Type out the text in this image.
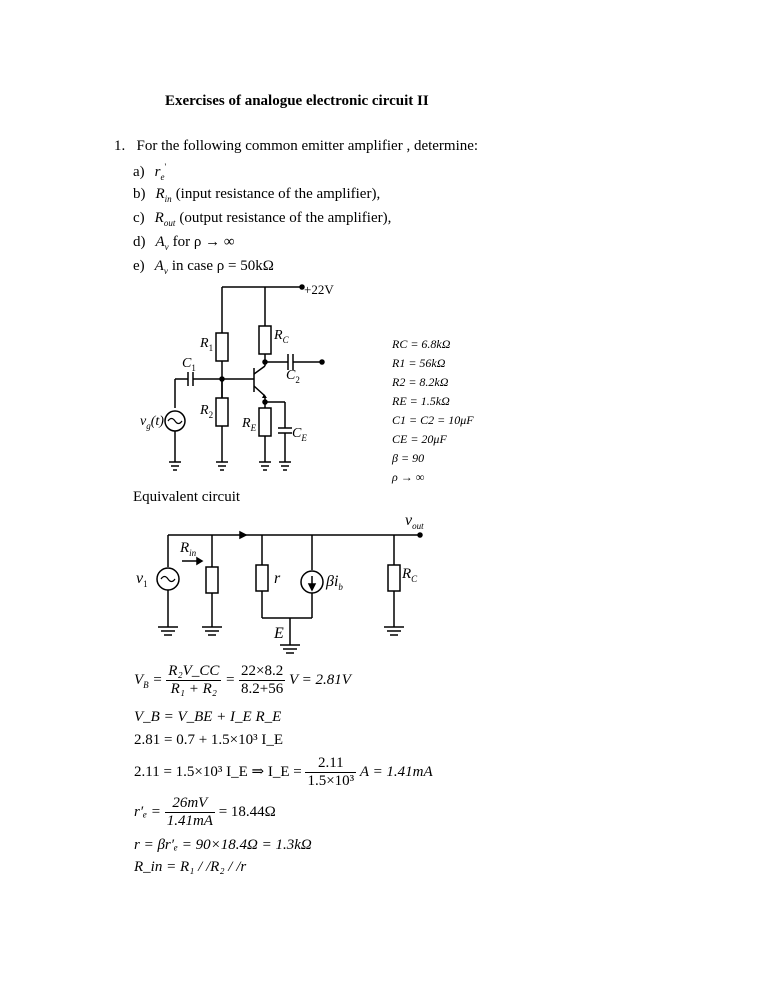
Exercises of analogue electronic circuit II
1. For the following common emitter amplifier , determine:
a) $r_e'$
b) $R_{in}$ (input resistance of the amplifier),
c) $R_{out}$ (output resistance of the amplifier),
d) $A_v$ for ρ → ∞
e) $A_v$ in case ρ = 50kΩ
+22V
$R_1$
$R_C$
$C_1$
$C_2$
$R_2$
$R_E$	$C_E$
$v_g(t)$
RC = 6.8kΩ
R1 = 56kΩ
R2 = 8.2kΩ
RE = 1.5kΩ
C1 = C2 = 10μF
CE = 20μF
β = 90
ρ → ∞
Equivalent circuit
$v_{out}$
$R_{in}$
$v_1$	r	$\beta i_b$
$R_C$
E
$V_B = \frac{\text{R₂V\_CC}}{\text{R₁ + R₂}} = \frac{22\times 8.2}{8.2+56}$ V = 2.81V
V_B = V_BE + I_E R_E
2.81 = 0.7 + 1.5×10³ I_E
2.11 = 1.5×10³ I_E ⇒ I_E = $\frac{2.11}{\text{1.5×10³}}$ A = 1.41mA
$r'_e = \frac{26mV}{1.41mA} = 18.44\Omega$
r = βr′ₑ = 90×18.4Ω = 1.3kΩ
R_in = R₁ / /R₂ / /r
